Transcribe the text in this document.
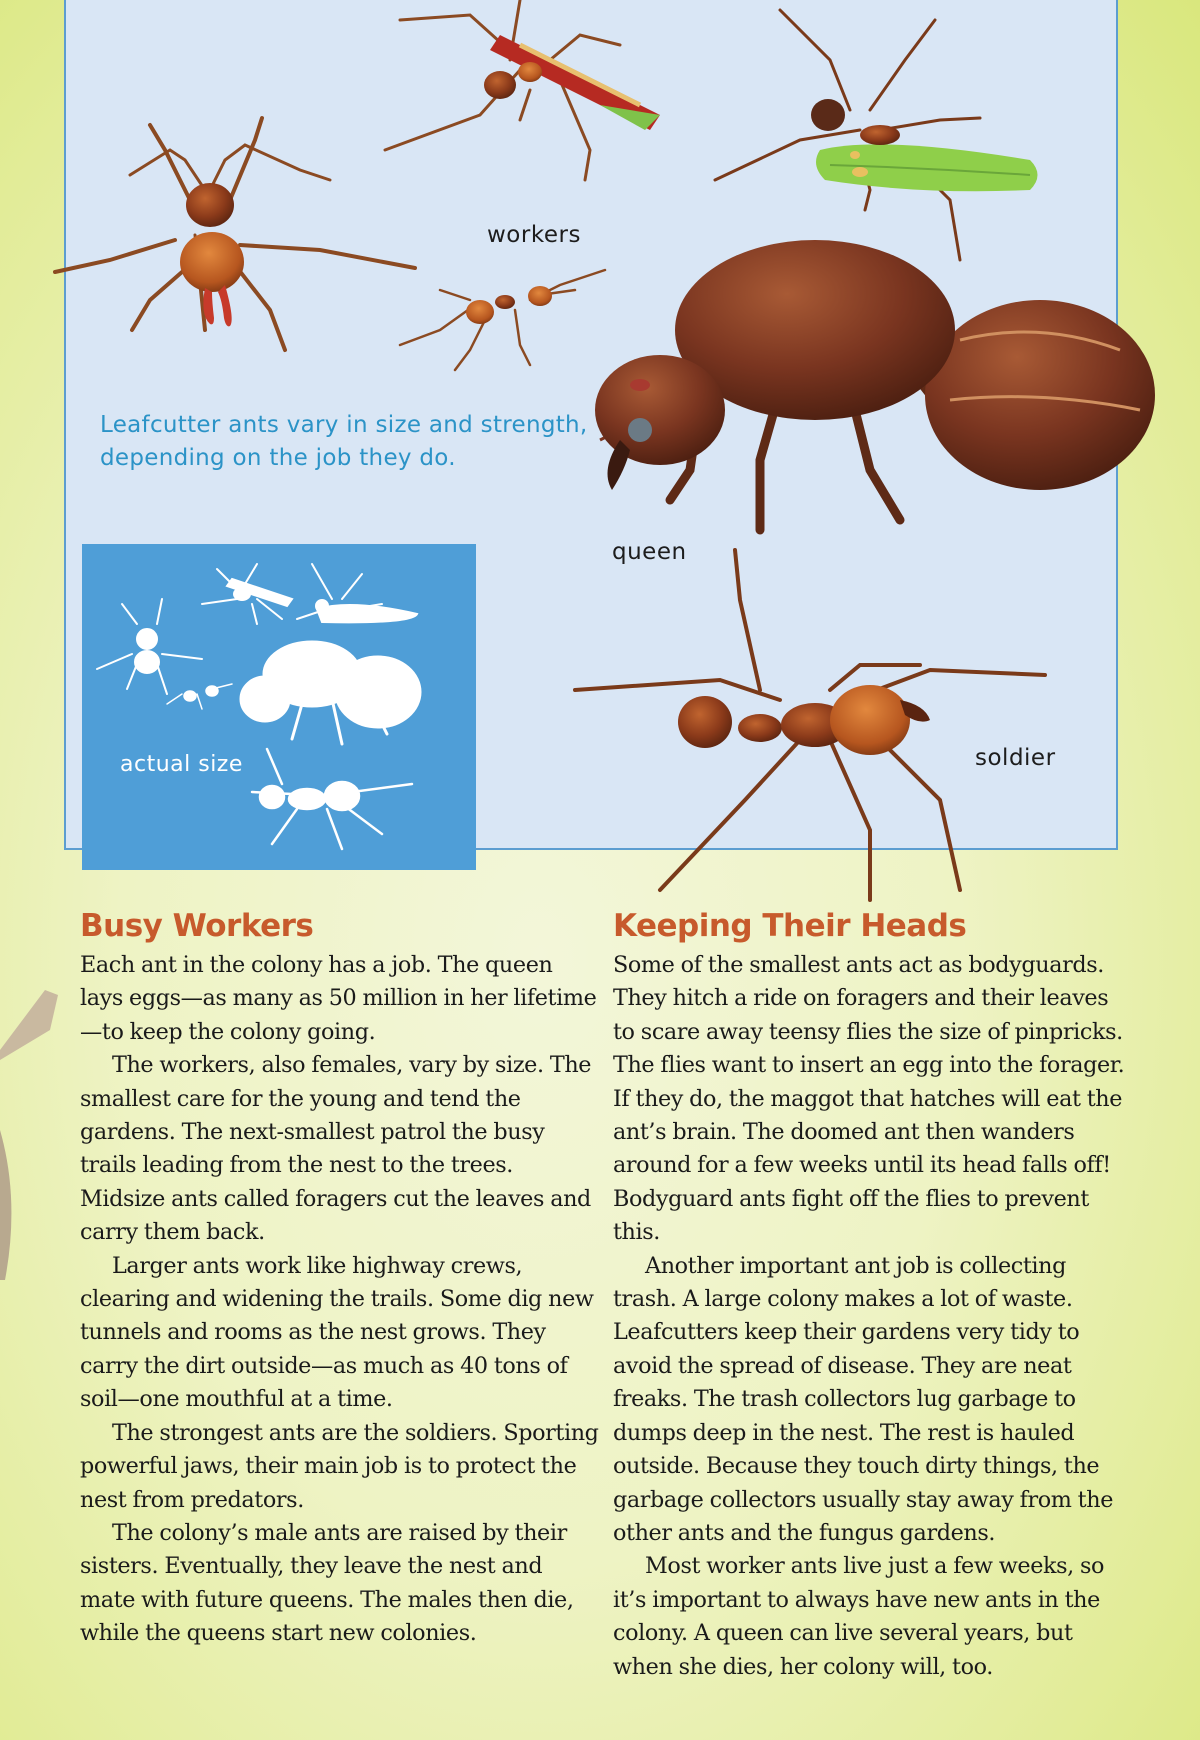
workers
queen
soldier
Leafcutter ants vary in size and strength, depending on the job they do.
actual size
Busy Workers

Each ant in the colony has a job. The queen lays eggs—as many as 50 million in her lifetime—to keep the colony going.

The workers, also females, vary by size. The smallest care for the young and tend the gardens. The next-smallest patrol the busy trails leading from the nest to the trees. Midsize ants called foragers cut the leaves and carry them back.

Larger ants work like highway crews, clearing and widening the trails. Some dig new tunnels and rooms as the nest grows. They carry the dirt outside—as much as 40 tons of soil—one mouthful at a time.

The strongest ants are the soldiers. Sporting powerful jaws, their main job is to protect the nest from predators.

The colony’s male ants are raised by their sisters. Eventually, they leave the nest and mate with future queens. The males then die, while the queens start new colonies.

Keeping Their Heads

Some of the smallest ants act as bodyguards. They hitch a ride on foragers and their leaves to scare away teensy flies the size of pinpricks. The flies want to insert an egg into the forager. If they do, the maggot that hatches will eat the ant’s brain. The doomed ant then wanders around for a few weeks until its head falls off! Bodyguard ants fight off the flies to prevent this.

Another important ant job is collecting trash. A large colony makes a lot of waste. Leafcutters keep their gardens very tidy to avoid the spread of disease. They are neat freaks. The trash collectors lug garbage to dumps deep in the nest. The rest is hauled outside. Because they touch dirty things, the garbage collectors usually stay away from the other ants and the fungus gardens.

Most worker ants live just a few weeks, so it’s important to always have new ants in the colony. A queen can live several years, but when she dies, her colony will, too.
